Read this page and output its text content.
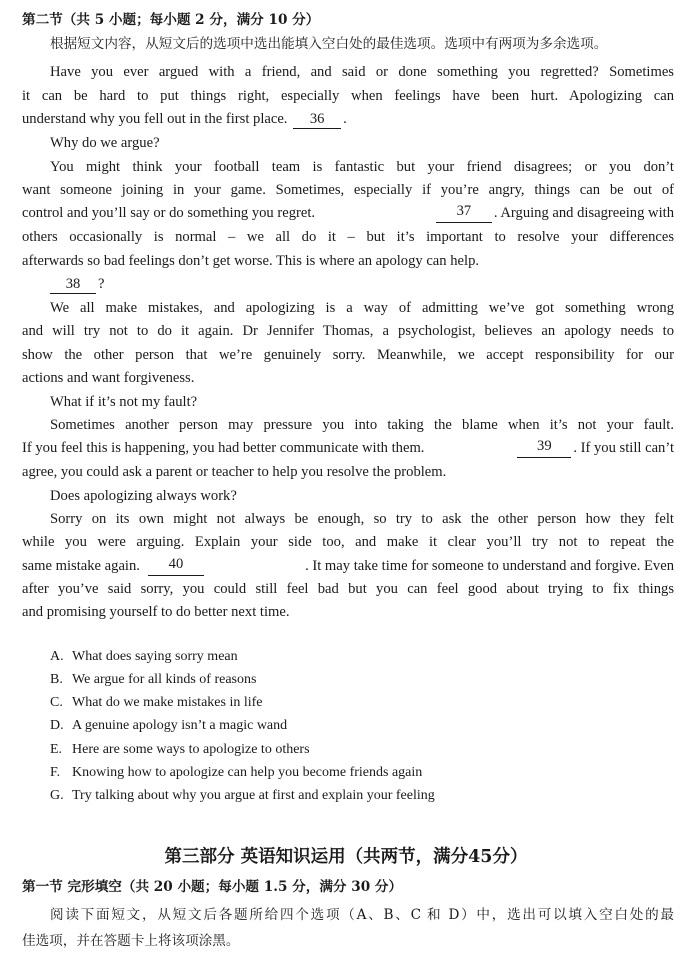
第二节（共 5 小题；每小题 2 分，满分 10 分）
根据短文内容，从短文后的选项中选出能填入空白处的最佳选项。选项中有两项为多余选项。
Have you ever argued with a friend, and said or done something you regretted? Sometimes
it can be hard to put things right, especially when feelings have been hurt. Apologizing can
understand why you fell out in the first place. 36 .
Why do we argue?
You might think your football team is fantastic but your friend disagrees; or you don’t
want someone joining in your game. Sometimes, especially if you’re angry, things can be out of
control and you’ll say or do something you regret.	37	. Arguing and disagreeing with
others occasionally is normal – we all do it – but it’s important to resolve your differences
afterwards so bad feelings don’t get worse. This is where an apology can help.
38 ?
We all make mistakes, and apologizing is a way of admitting we’ve got something wrong
and will try not to do it again. Dr Jennifer Thomas, a psychologist, believes an apology needs to
show the other person that we’re genuinely sorry. Meanwhile, we accept responsibility for our
actions and want forgiveness.
What if it’s not my fault?
Sometimes another person may pressure you into taking the blame when it’s not your fault.
If you feel this is happening, you had better communicate with them.	39	. If you still can’t
agree, you could ask a parent or teacher to help you resolve the problem.
Does apologizing always work?
Sorry on its own might not always be enough, so try to ask the other person how they felt
while you were arguing. Explain your side too, and make it clear you’ll try not to repeat the
same mistake again.	40	. It may take time for someone to understand and forgive. Even
after you’ve said sorry, you could still feel bad but you can feel good about trying to fix things
and promising yourself to do better next time.
A. What does saying sorry mean
B. We argue for all kinds of reasons
C. What do we make mistakes in life
D. A genuine apology isn’t a magic wand
E. Here are some ways to apologize to others
F. Knowing how to apologize can help you become friends again
G. Try talking about why you argue at first and explain your feeling
第三部分 英语知识运用（共两节，满分45分）
第一节 完形填空（共 20 小题；每小题 1.5 分，满分 30 分）
阅读下面短文，从短文后各题所给四个选项（A、B、C 和 D）中，选出可以填入空白处的最
佳选项，并在答题卡上将该项涂黑。
